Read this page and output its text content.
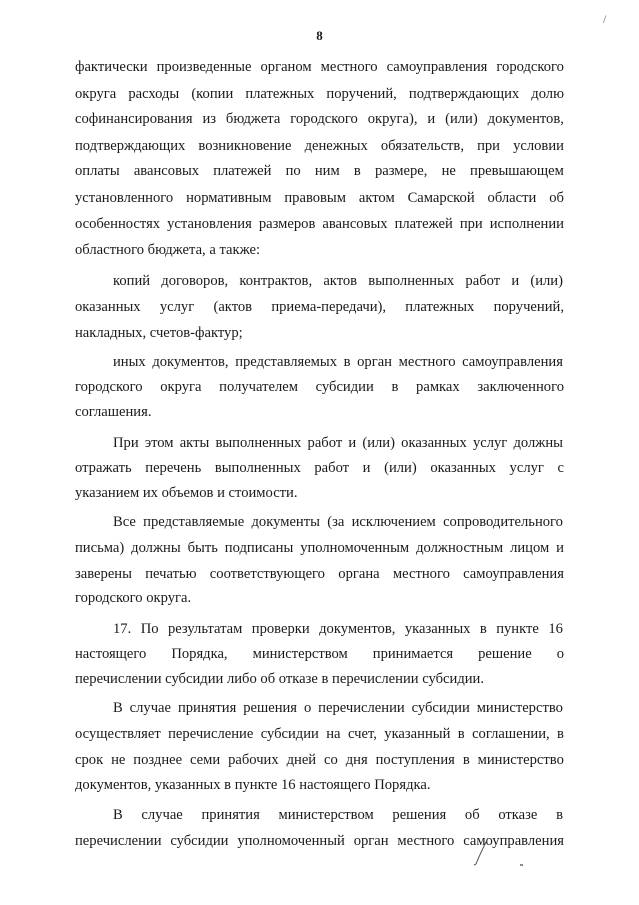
/
8
фактически произведенные органом местного самоуправления городского
округа расходы (копии платежных поручений, подтверждающих долю
софинансирования из бюджета городского округа), и (или) документов,
подтверждающих возникновение денежных обязательств, при условии
оплаты авансовых платежей по ним в размере, не превышающем
установленного нормативным правовым актом Самарской области об
особенностях установления размеров авансовых платежей при исполнении
областного бюджета, а также:
копий договоров, контрактов, актов выполненных работ и (или)
оказанных услуг (актов приема-передачи), платежных поручений,
накладных, счетов-фактур;
иных документов, представляемых в орган местного самоуправления
городского округа получателем субсидии в рамках заключенного
соглашения.
При этом акты выполненных работ и (или) оказанных услуг должны
отражать перечень выполненных работ и (или) оказанных услуг с
указанием их объемов и стоимости.
Все представляемые документы (за исключением сопроводительного
письма) должны быть подписаны уполномоченным должностным лицом и
заверены печатью соответствующего органа местного самоуправления
городского округа.
17. По результатам проверки документов, указанных в пункте 16
настоящего Порядка, министерством принимается решение о
перечислении субсидии либо об отказе в перечислении субсидии.
В случае принятия решения о перечислении субсидии министерство
осуществляет перечисление субсидии на счет, указанный в соглашении, в
срок не позднее семи рабочих дней со дня поступления в министерство
документов, указанных в пункте 16 настоящего Порядка.
В случае принятия министерством решения об отказе в
перечислении субсидии уполномоченный орган местного самоуправления
